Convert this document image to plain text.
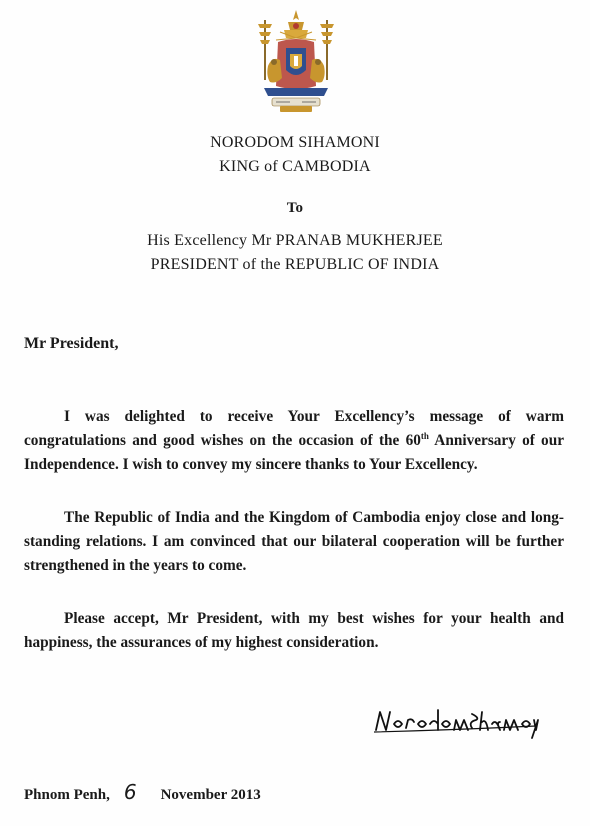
NORODOM SIHAMONI
KING of CAMBODIA
To
His Excellency Mr PRANAB MUKHERJEE
PRESIDENT of the REPUBLIC OF INDIA
Mr President,

I was delighted to receive Your Excellency’s message of warm congratulations and good wishes on the occasion of the 60th Anniversary of our Independence. I wish to convey my sincere thanks to Your Excellency.

The Republic of India and the Kingdom of Cambodia enjoy close and long-standing relations. I am convinced that our bilateral cooperation will be further strengthened in the years to come.

Please accept, Mr President, with my best wishes for your health and happiness, the assurances of my highest consideration.

Phnom Penh, 6 November 2013
